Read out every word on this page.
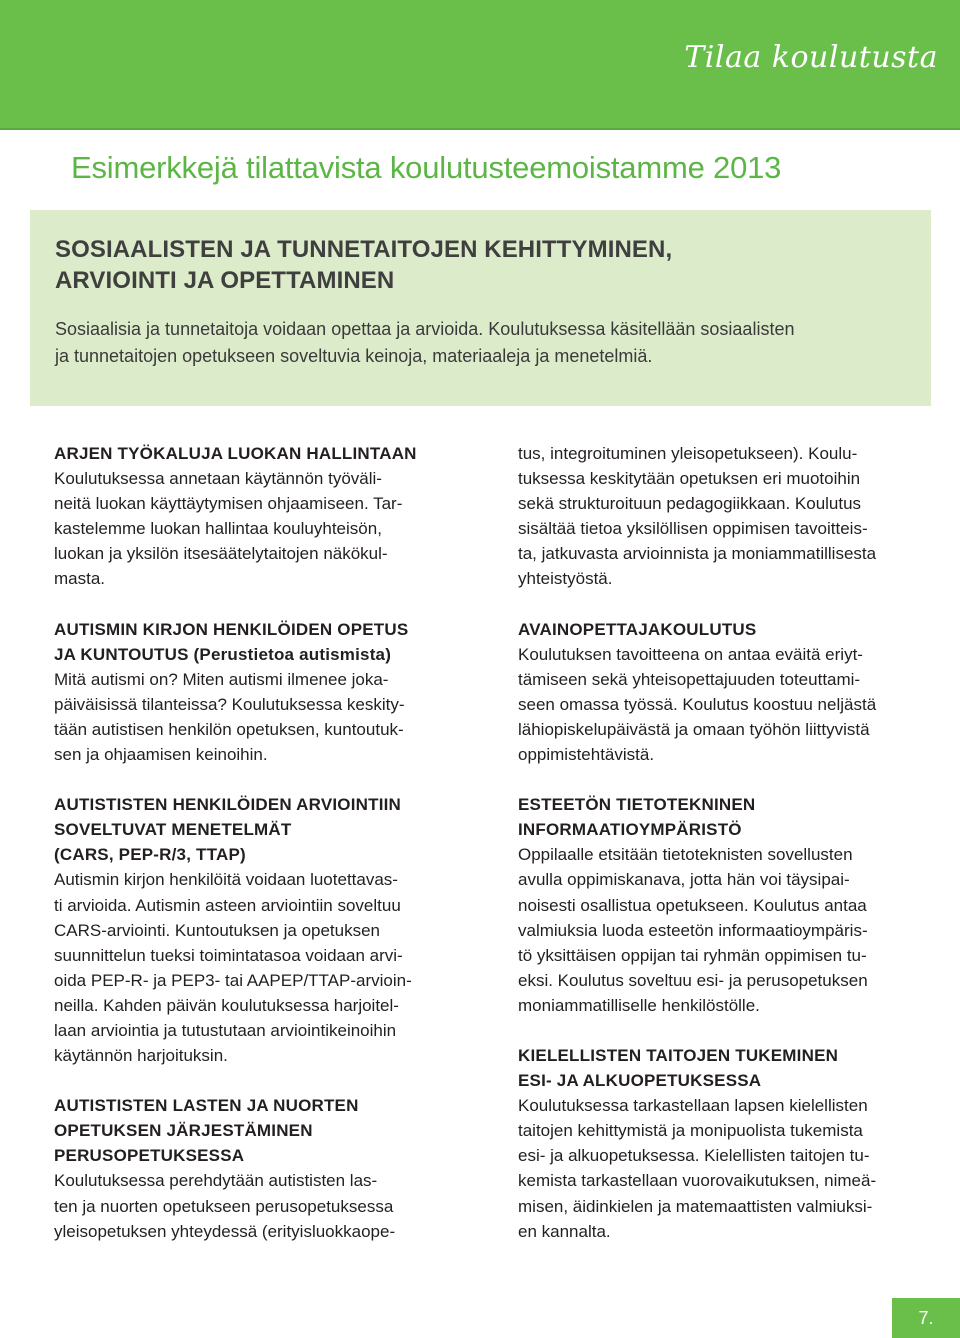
Tilaa koulutusta
Esimerkkejä tilattavista koulutusteemoistamme 2013
SOSIAALISTEN JA TUNNETAITOJEN KEHITTYMINEN,
ARVIOINTI JA OPETTAMINEN

Sosiaalisia ja tunnetaitoja voidaan opettaa ja arvioida. Koulutuksessa käsitellään sosiaalisten
ja tunnetaitojen opetukseen soveltuvia keinoja, materiaaleja ja menetelmiä.

ARJEN TYÖKALUJA LUOKAN HALLINTAAN

Koulutuksessa annetaan käytännön työväli-
neitä luokan käyttäytymisen ohjaamiseen. Tar-
kastelemme luokan hallintaa kouluyhteisön,
luokan ja yksilön itsesäätelytaitojen näkökul-
masta.

AUTISMIN KIRJON HENKILÖIDEN OPETUS
JA KUNTOUTUS (Perustietoa autismista)

Mitä autismi on? Miten autismi ilmenee joka-
päiväisissä tilanteissa? Koulutuksessa keskity-
tään autistisen henkilön opetuksen, kuntoutuk-
sen ja ohjaamisen keinoihin.

AUTISTISTEN HENKILÖIDEN ARVIOINTIIN
SOVELTUVAT MENETELMÄT
(CARS, PEP-R/3, TTAP)

Autismin kirjon henkilöitä voidaan luotettavas-
ti arvioida. Autismin asteen arviointiin soveltuu
CARS-arviointi. Kuntoutuksen ja opetuksen
suunnittelun tueksi toimintatasoa voidaan arvi-
oida PEP-R- ja PEP3- tai AAPEP/TTAP-arvioin-
neilla. Kahden päivän koulutuksessa harjoitel-
laan arviointia ja tutustutaan arviointikeinoihin
käytännön harjoituksin.

AUTISTISTEN LASTEN JA NUORTEN
OPETUKSEN JÄRJESTÄMINEN
PERUSOPETUKSESSA

Koulutuksessa perehdytään autististen las-
ten ja nuorten opetukseen perusopetuksessa
yleisopetuksen yhteydessä (erityisluokkaope-

tus, integroituminen yleisopetukseen). Koulu-
tuksessa keskitytään opetuksen eri muotoihin
sekä strukturoituun pedagogiikkaan. Koulutus
sisältää tietoa yksilöllisen oppimisen tavoitteis-
ta, jatkuvasta arvioinnista ja moniammatillisesta
yhteistyöstä.

AVAINOPETTAJAKOULUTUS

Koulutuksen tavoitteena on antaa eväitä eriyt-
tämiseen sekä yhteisopettajuuden toteuttami-
seen omassa työssä. Koulutus koostuu neljästä
lähiopiskelupäivästä ja omaan työhön liittyvistä
oppimistehtävistä.

ESTEETÖN TIETOTEKNINEN
INFORMAATIOYMPÄRISTÖ

Oppilaalle etsitään tietoteknisten sovellusten
avulla oppimiskanava, jotta hän voi täysipai-
noisesti osallistua opetukseen. Koulutus antaa
valmiuksia luoda esteetön informaatioympäris-
tö yksittäisen oppijan tai ryhmän oppimisen tu-
eksi. Koulutus soveltuu esi- ja perusopetuksen
moniammatilliselle henkilöstölle.

KIELELLISTEN TAITOJEN TUKEMINEN
ESI- JA ALKUOPETUKSESSA

Koulutuksessa tarkastellaan lapsen kielellisten
taitojen kehittymistä ja monipuolista tukemista
esi- ja alkuopetuksessa. Kielellisten taitojen tu-
kemista tarkastellaan vuorovaikutuksen, nimeä-
misen, äidinkielen ja matemaattisten valmiuksi-
en kannalta.

7.
